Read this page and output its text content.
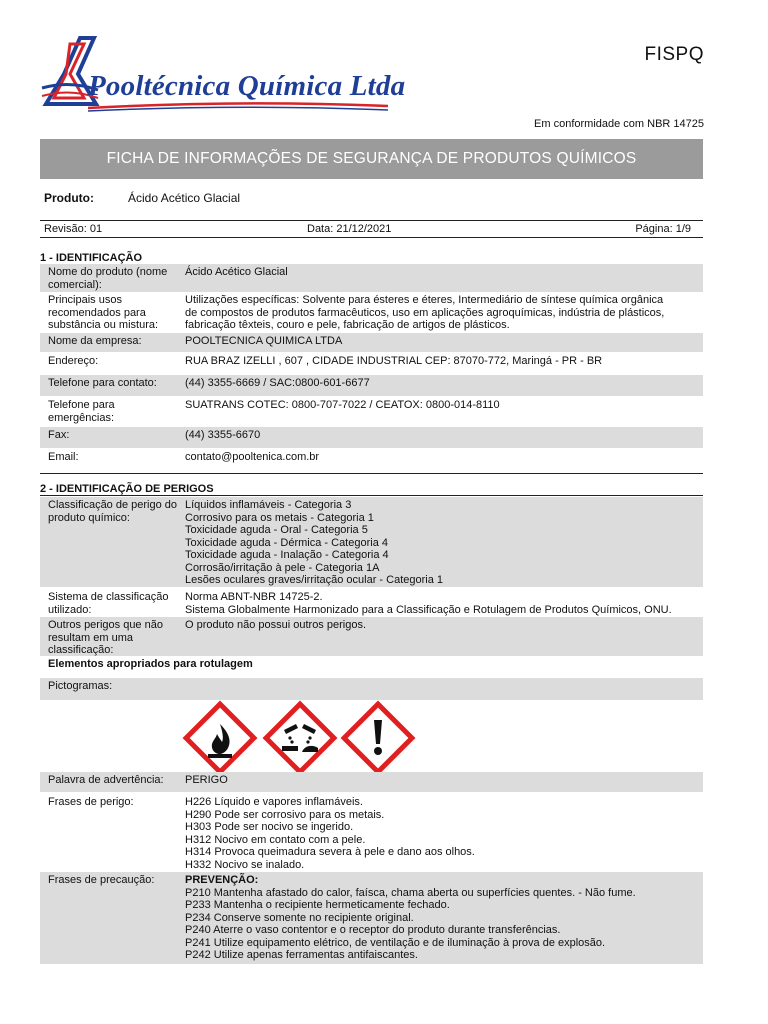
Pooltécnica Química Ltda
FISPQ
Em conformidade com NBR 14725
FICHA DE INFORMAÇÕES DE SEGURANÇA DE PRODUTOS QUÍMICOS
Produto:	Ácido Acético Glacial
Revisão: 01	Data: 21/12/2021	Página: 1/9
1 - IDENTIFICAÇÃO
Nome do produto (nome comercial):
Ácido Acético Glacial
Principais usos recomendados para substância ou mistura:
Utilizações específicas: Solvente para ésteres e éteres, Intermediário de síntese química orgânica
de compostos de produtos farmacêuticos, uso em aplicações agroquímicas, indústria de plásticos,
fabricação têxteis, couro e pele, fabricação de artigos de plásticos.
Nome da empresa:	POOLTECNICA QUIMICA LTDA
Endereço:	RUA BRAZ IZELLI , 607 , CIDADE INDUSTRIAL CEP: 87070-772, Maringá - PR - BR
Telefone para contato:	(44) 3355-6669 / SAC:0800-601-6677
Telefone para emergências:
SUATRANS COTEC: 0800-707-7022 / CEATOX: 0800-014-8110
Fax:	(44) 3355-6670
Email:	contato@pooltenica.com.br
2 - IDENTIFICAÇÃO DE PERIGOS
Classificação de perigo do produto químico:
Líquidos inflamáveis - Categoria 3
Corrosivo para os metais - Categoria 1
Toxicidade aguda - Oral - Categoria 5
Toxicidade aguda - Dérmica - Categoria 4
Toxicidade aguda - Inalação - Categoria 4
Corrosão/irritação à pele - Categoria 1A
Lesões oculares graves/irritação ocular - Categoria 1
Sistema de classificação utilizado:
Norma ABNT-NBR 14725-2.
Sistema Globalmente Harmonizado para a Classificação e Rotulagem de Produtos Químicos, ONU.
Outros perigos que não resultam em uma classificação:
O produto não possui outros perigos.
Elementos apropriados para rotulagem
Pictogramas:
Palavra de advertência:	PERIGO
Frases de perigo:	H226 Líquido e vapores inflamáveis.
H290 Pode ser corrosivo para os metais.
H303 Pode ser nocivo se ingerido.
H312 Nocivo em contato com a pele.
H314 Provoca queimadura severa à pele e dano aos olhos.
H332 Nocivo se inalado.
Frases de precaução:	PREVENÇÃO:
P210 Mantenha afastado do calor, faísca, chama aberta ou superfícies quentes. - Não fume.
P233 Mantenha o recipiente hermeticamente fechado.
P234 Conserve somente no recipiente original.
P240 Aterre o vaso contentor e o receptor do produto durante transferências.
P241 Utilize equipamento elétrico, de ventilação e de iluminação à prova de explosão.
P242 Utilize apenas ferramentas antifaiscantes.
